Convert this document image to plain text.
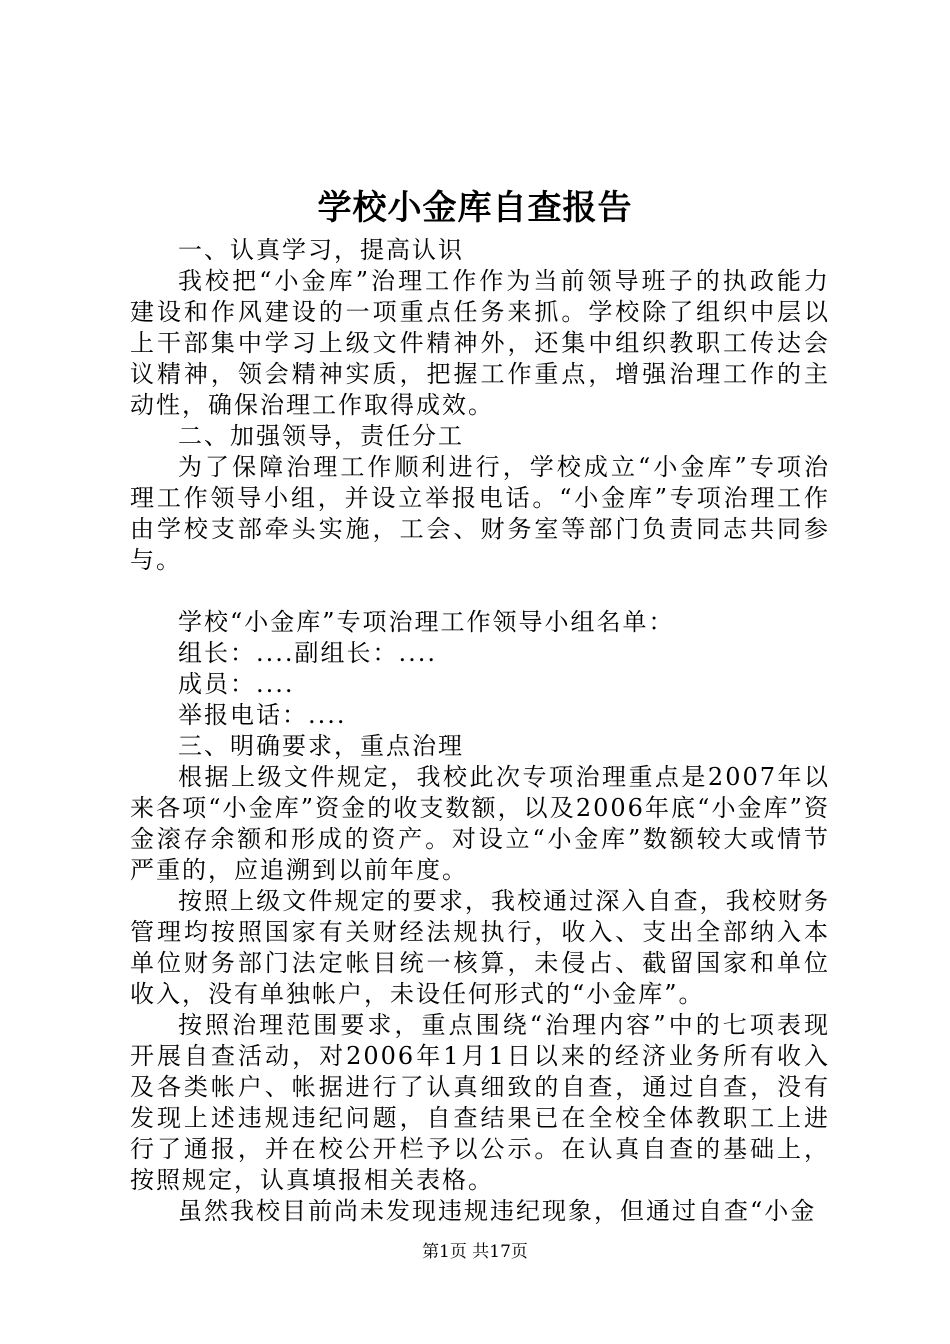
学校小金库自查报告

一、认真学习，提高认识

我校把“小金库”治理工作作为当前领导班子的执政能力建设和作风建设的一项重点任务来抓。学校除了组织中层以上干部集中学习上级文件精神外，还集中组织教职工传达会议精神，领会精神实质，把握工作重点，增强治理工作的主动性，确保治理工作取得成效。

二、加强领导，责任分工

为了保障治理工作顺利进行，学校成立“小金库”专项治理工作领导小组，并设立举报电话。“小金库”专项治理工作由学校支部牵头实施，工会、财务室等部门负责同志共同参与。

学校“小金库”专项治理工作领导小组名单：

组长：....副组长：....

成员：....

举报电话：....

三、明确要求，重点治理

根据上级文件规定，我校此次专项治理重点是2007年以来各项“小金库”资金的收支数额，以及2006年底“小金库”资金滚存余额和形成的资产。对设立“小金库”数额较大或情节严重的，应追溯到以前年度。

按照上级文件规定的要求，我校通过深入自查，我校财务管理均按照国家有关财经法规执行，收入、支出全部纳入本单位财务部门法定帐目统一核算，未侵占、截留国家和单位收入，没有单独帐户，未设任何形式的“小金库”。

按照治理范围要求，重点围绕“治理内容”中的七项表现开展自查活动，对2006年1月1日以来的经济业务所有收入及各类帐户、帐据进行了认真细致的自查，通过自查，没有发现上述违规违纪问题，自查结果已在全校全体教职工上进行了通报，并在校公开栏予以公示。在认真自查的基础上，按照规定，认真填报相关表格。

虽然我校目前尚未发现违规违纪现象，但通过自查“小金

第1页 共17页
